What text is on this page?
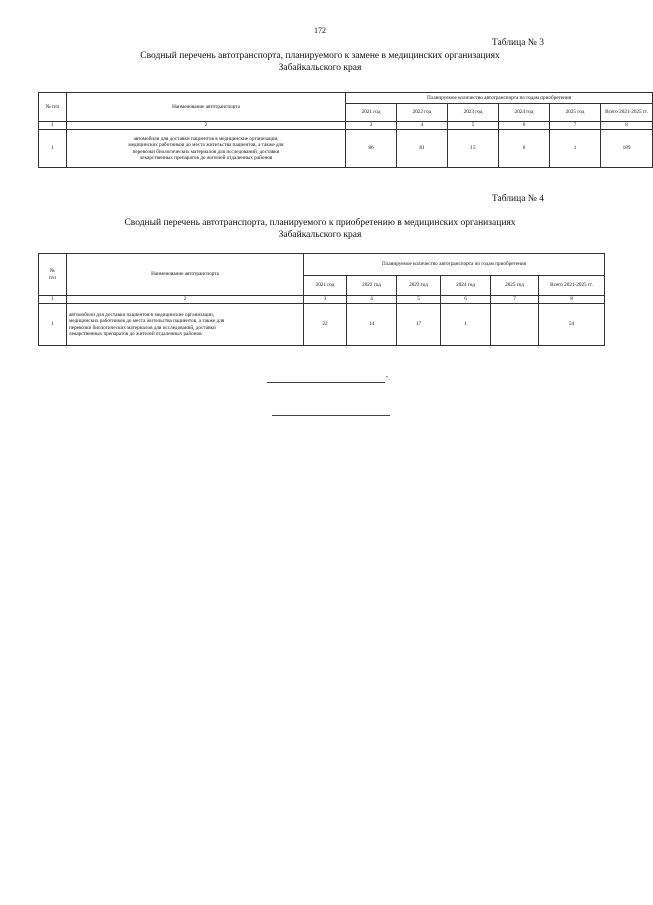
172
Таблица № 3
Сводный перечень автотранспорта, планируемого к замене в медицинских организациях
Забайкальского края
№ п/п	Наименование автотранспорта	Планируемое количество автотранспорта по годам приобретения					
		2021 год	2022 год	2023 год	2024 год	2025 год	Всего 2021-2025 гг.
1	2	3	4	5	6	7	8
1	автомобили для доставки пациентов в медицинские организации,
медицинских работников до места жительства пациентов, а также для
перевозки биологических материалов для исследований, доставки
лекарственных препаратов до жителей отдаленных районов	86	81	15	6	1	189
Таблица № 4
Сводный перечень автотранспорта, планируемого к приобретению в медицинских организациях
Забайкальского края
№
п/п	Наименование автотранспорта	Планируемое количество автотранспорта по годам приобретения					
		2021 год	2022 год	2023 год	2024 год	2025 год	Всего 2021-2025 гг.
1	2	3	4	5	6	7	8
1	автомобили для доставки пациентов в медицинские организации,
медицинских работников до места жительства пациентов, а также для
перевозки биологических материалов для исследований, доставки
лекарственных препаратов до жителей отдаленных районов.	22	14	17	1		54
".
